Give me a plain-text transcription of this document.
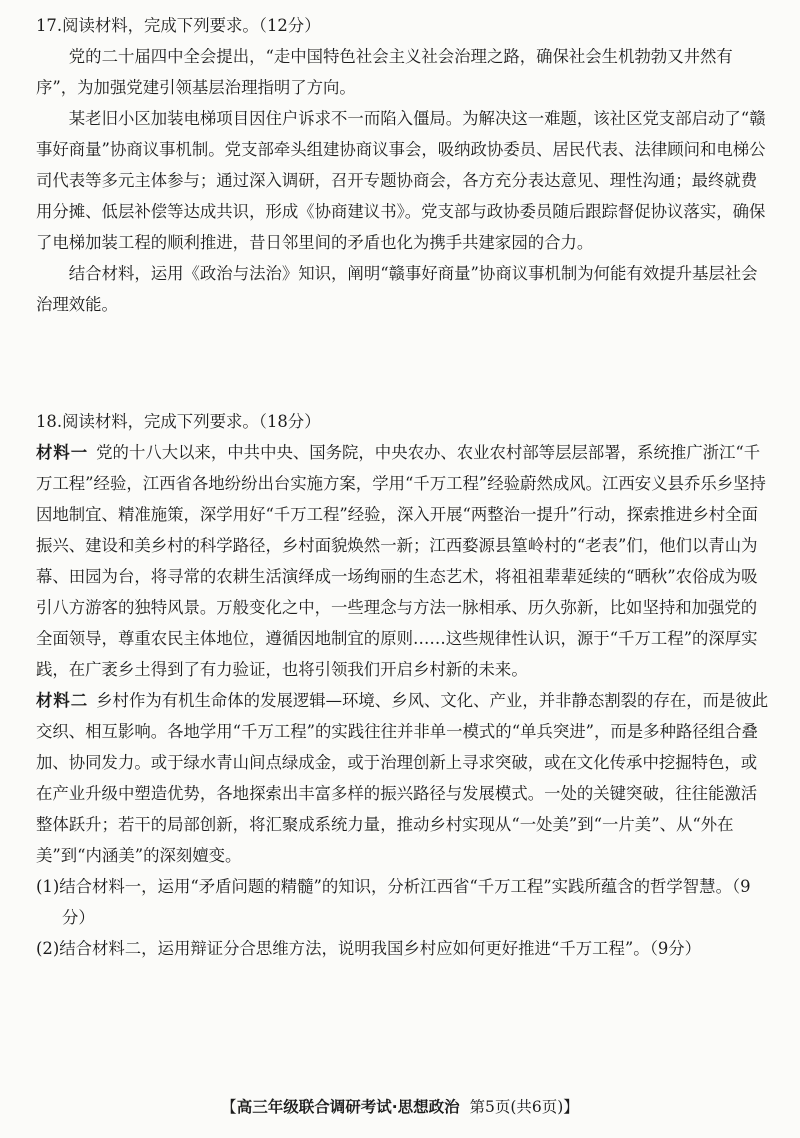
17.阅读材料，完成下列要求。（12分）

党的二十届四中全会提出，“走中国特色社会主义社会治理之路，确保社会生机勃勃又井然有序”，为加强党建引领基层治理指明了方向。

某老旧小区加装电梯项目因住户诉求不一而陷入僵局。为解决这一难题，该社区党支部启动了“赣事好商量”协商议事机制。党支部牵头组建协商议事会，吸纳政协委员、居民代表、法律顾问和电梯公司代表等多元主体参与；通过深入调研，召开专题协商会，各方充分表达意见、理性沟通；最终就费用分摊、低层补偿等达成共识，形成《协商建议书》。党支部与政协委员随后跟踪督促协议落实，确保了电梯加装工程的顺利推进，昔日邻里间的矛盾也化为携手共建家园的合力。

结合材料，运用《政治与法治》知识，阐明“赣事好商量”协商议事机制为何能有效提升基层社会治理效能。

18.阅读材料，完成下列要求。（18分）

材料一 党的十八大以来，中共中央、国务院，中央农办、农业农村部等层层部署，系统推广浙江“千万工程”经验，江西省各地纷纷出台实施方案，学用“千万工程”经验蔚然成风。江西安义县乔乐乡坚持因地制宜、精准施策，深学用好“千万工程”经验，深入开展“两整治一提升”行动，探索推进乡村全面振兴、建设和美乡村的科学路径，乡村面貌焕然一新；江西婺源县篁岭村的“老表”们，他们以青山为幕、田园为台，将寻常的农耕生活演绎成一场绚丽的生态艺术，将祖祖辈辈延续的“晒秋”农俗成为吸引八方游客的独特风景。万般变化之中，一些理念与方法一脉相承、历久弥新，比如坚持和加强党的全面领导，尊重农民主体地位，遵循因地制宜的原则……这些规律性认识，源于“千万工程”的深厚实践，在广袤乡土得到了有力验证，也将引领我们开启乡村新的未来。

材料二 乡村作为有机生命体的发展逻辑—环境、乡风、文化、产业，并非静态割裂的存在，而是彼此交织、相互影响。各地学用“千万工程”的实践往往并非单一模式的“单兵突进”，而是多种路径组合叠加、协同发力。或于绿水青山间点绿成金，或于治理创新上寻求突破，或在文化传承中挖掘特色，或在产业升级中塑造优势，各地探索出丰富多样的振兴路径与发展模式。一处的关键突破，往往能激活整体跃升；若干的局部创新，将汇聚成系统力量，推动乡村实现从“一处美”到“一片美”、从“外在美”到“内涵美”的深刻嬗变。

(1)结合材料一，运用“矛盾问题的精髓”的知识，分析江西省“千万工程”实践所蕴含的哲学智慧。（9分）

(2)结合材料二，运用辩证分合思维方法，说明我国乡村应如何更好推进“千万工程”。（9分）

【高三年级联合调研考试·思想政治 第5页(共6页)】
